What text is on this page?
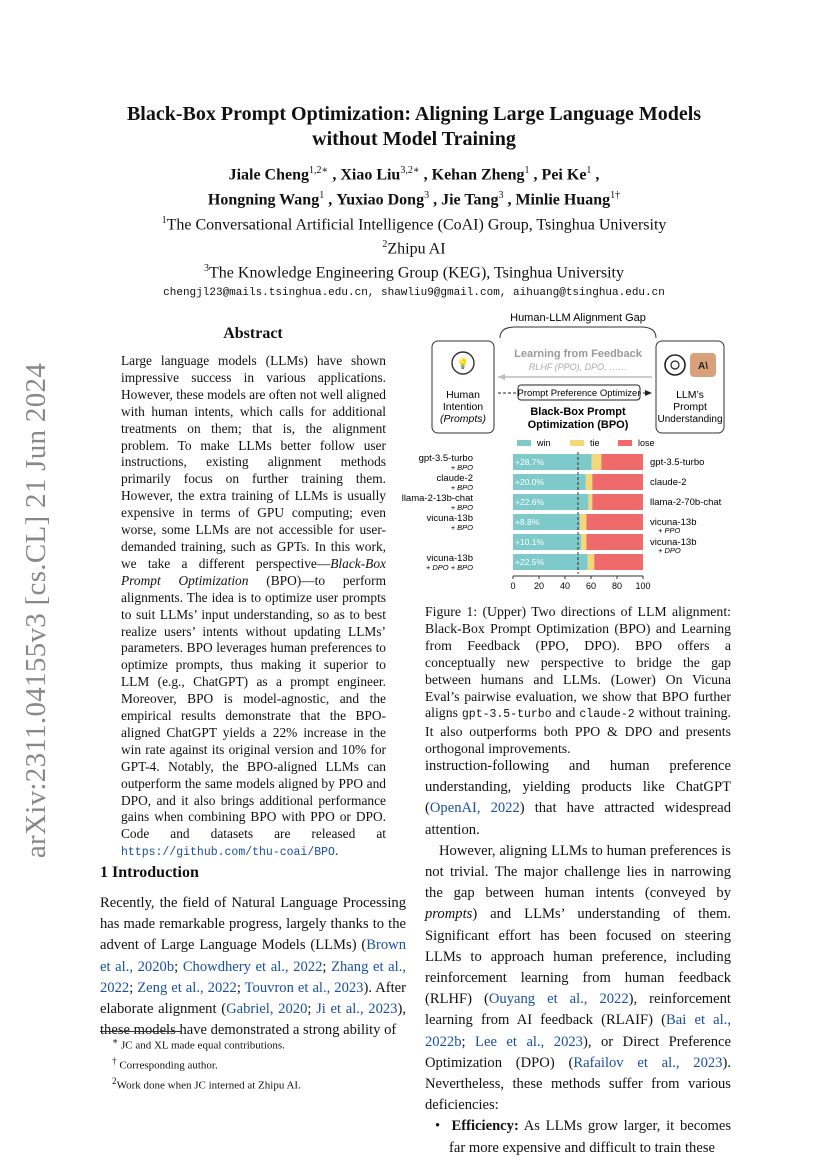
arXiv:2311.04155v3 [cs.CL] 21 Jun 2024
Black-Box Prompt Optimization: Aligning Large Language Models
without Model Training
Jiale Cheng$^{1,2∗}$ , Xiao Liu$^{3,2∗}$ , Kehan Zheng$^1$ , Pei Ke$^1$ ,
Hongning Wang$^1$ , Yuxiao Dong$^3$ , Jie Tang$^3$ , Minlie Huang$^{1\dagger}$
$^1$The Conversational Artificial Intelligence (CoAI) Group, Tsinghua University
$^2$Zhipu AI
$^3$The Knowledge Engineering Group (KEG), Tsinghua University
chengjl23@mails.tsinghua.edu.cn, shawliu9@gmail.com, aihuang@tsinghua.edu.cn
Abstract
Large language models (LLMs) have shown impressive success in various applications. However, these models are often not well aligned with human intents, which calls for additional treatments on them; that is, the alignment problem. To make LLMs better follow user instructions, existing alignment methods primarily focus on further training them. However, the extra training of LLMs is usually expensive in terms of GPU computing; even worse, some LLMs are not accessible for user-demanded training, such as GPTs. In this work, we take a different perspective—Black-Box Prompt Optimization (BPO)—to perform alignments. The idea is to optimize user prompts to suit LLMs’ input understanding, so as to best realize users’ intents without updating LLMs’ parameters. BPO leverages human preferences to optimize prompts, thus making it superior to LLM (e.g., ChatGPT) as a prompt engineer. Moreover, BPO is model-agnostic, and the empirical results demonstrate that the BPO-aligned ChatGPT yields a 22% increase in the win rate against its original version and 10% for GPT-4. Notably, the BPO-aligned LLMs can outperform the same models aligned by PPO and DPO, and it also brings additional performance gains when combining BPO with PPO or DPO. Code and datasets are released at https://github.com/thu-coai/BPO.
1 Introduction
Recently, the field of Natural Language Processing has made remarkable progress, largely thanks to the advent of Large Language Models (LLMs) (Brown et al., 2020b; Chowdhery et al., 2022; Zhang et al., 2022; Zeng et al., 2022; Touvron et al., 2023). After elaborate alignment (Gabriel, 2020; Ji et al., 2023), these models have demonstrated a strong ability of
∗ JC and XL made equal contributions.
† Corresponding author.
$^2$Work done when JC interned at Zhipu AI.
Human-LLM Alignment Gap
💡
Human
Intention
(Prompts)
A\
LLM’s
Prompt
Understanding
Learning from Feedback
RLHF (PPO), DPO, ……
Prompt Preference Optimizer
Black-Box Prompt
Optimization (BPO)
win	tie	lose
+28.7%
gpt-3.5-turbo
+ BPO	gpt-3.5-turbo
+20.0%
claude-2
+ BPO	claude-2
+22.6%
llama-2-13b-chat
+ BPO	llama-2-70b-chat
+8.8%
vicuna-13b
+ BPO	vicuna-13b
+ PPO
+10.1%	vicuna-13b
+ DPO
+22.5%
vicuna-13b
+ DPO + BPO
0 20 40 60 80 100
Figure 1: (Upper) Two directions of LLM alignment: Black-Box Prompt Optimization (BPO) and Learning from Feedback (PPO, DPO). BPO offers a conceptually new perspective to bridge the gap between humans and LLMs. (Lower) On Vicuna Eval’s pairwise evaluation, we show that BPO further aligns gpt-3.5-turbo and claude-2 without training. It also outperforms both PPO & DPO and presents orthogonal improvements.
instruction-following and human preference understanding, yielding products like ChatGPT (OpenAI, 2022) that have attracted widespread attention.
However, aligning LLMs to human preferences is not trivial. The major challenge lies in narrowing the gap between human intents (conveyed by prompts) and LLMs’ understanding of them. Significant effort has been focused on steering LLMs to approach human preference, including reinforcement learning from human feedback (RLHF) (Ouyang et al., 2022), reinforcement learning from AI feedback (RLAIF) (Bai et al., 2022b; Lee et al., 2023), or Direct Preference Optimization (DPO) (Rafailov et al., 2023). Nevertheless, these methods suffer from various deficiencies:
• Efficiency: As LLMs grow larger, it becomes far more expensive and difficult to train these
